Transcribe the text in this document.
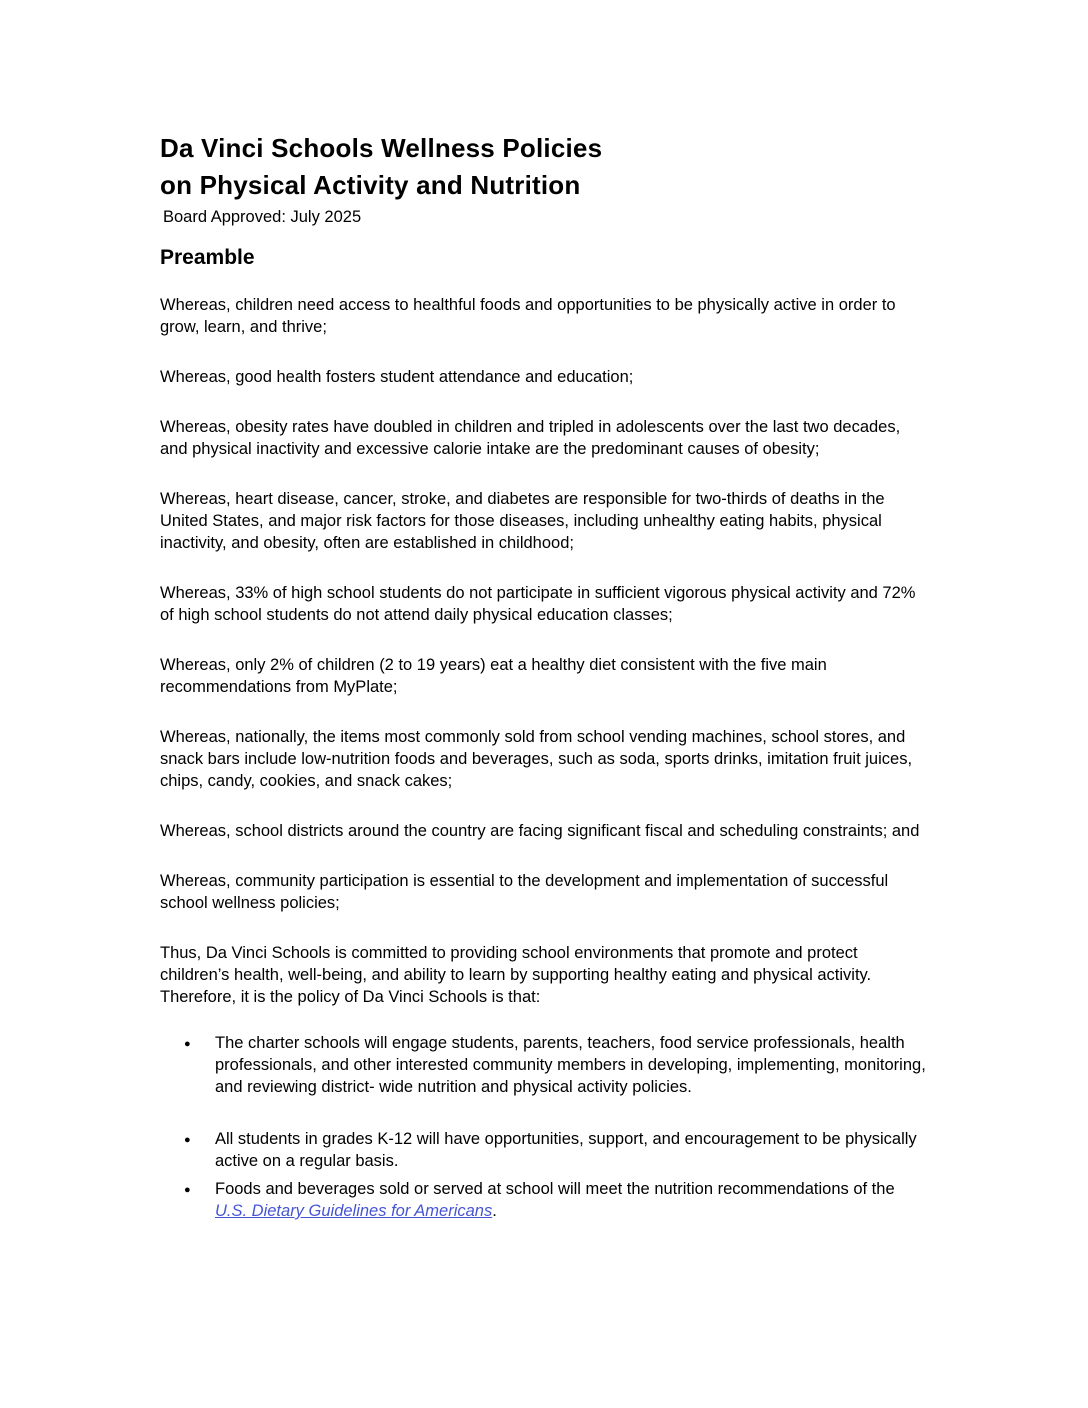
Da Vinci Schools Wellness Policies
on Physical Activity and Nutrition

Board Approved: July 2025

Preamble

Whereas, children need access to healthful foods and opportunities to be physically active in order to grow, learn, and thrive;

Whereas, good health fosters student attendance and education;

Whereas, obesity rates have doubled in children and tripled in adolescents over the last two decades, and physical inactivity and excessive calorie intake are the predominant causes of obesity;

Whereas, heart disease, cancer, stroke, and diabetes are responsible for two-thirds of deaths in the United States, and major risk factors for those diseases, including unhealthy eating habits, physical inactivity, and obesity, often are established in childhood;

Whereas, 33% of high school students do not participate in sufficient vigorous physical activity and 72% of high school students do not attend daily physical education classes;

Whereas, only 2% of children (2 to 19 years) eat a healthy diet consistent with the five main recommendations from MyPlate;

Whereas, nationally, the items most commonly sold from school vending machines, school stores, and snack bars include low-nutrition foods and beverages, such as soda, sports drinks, imitation fruit juices, chips, candy, cookies, and snack cakes;

Whereas, school districts around the country are facing significant fiscal and scheduling constraints; and

Whereas, community participation is essential to the development and implementation of successful school wellness policies;

Thus, Da Vinci Schools is committed to providing school environments that promote and protect children’s health, well-being, and ability to learn by supporting healthy eating and physical activity. Therefore, it is the policy of Da Vinci Schools is that:

● The charter schools will engage students, parents, teachers, food service professionals, health professionals, and other interested community members in developing, implementing, monitoring, and reviewing district- wide nutrition and physical activity policies.
● All students in grades K-12 will have opportunities, support, and encouragement to be physically active on a regular basis.
● Foods and beverages sold or served at school will meet the nutrition recommendations of the U.S. Dietary Guidelines for Americans.
